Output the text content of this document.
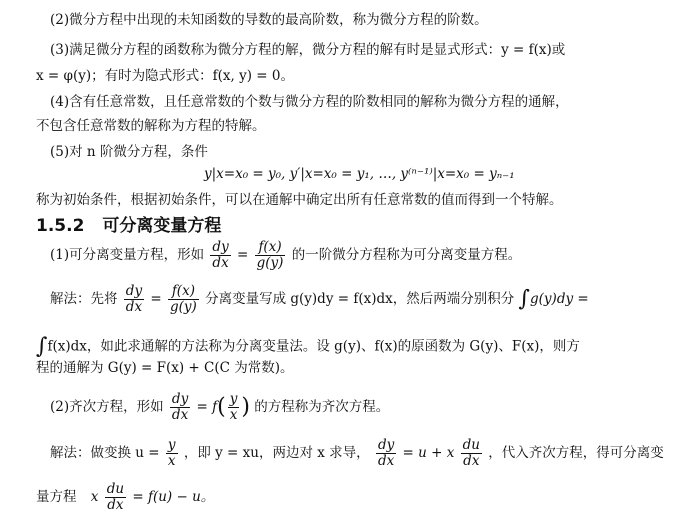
(2)微分方程中出现的未知函数的导数的最高阶数，称为微分方程的阶数。
(3)满足微分方程的函数称为微分方程的解，微分方程的解有时是显式形式：y = f(x)或
x = φ(y)；有时为隐式形式：f(x, y) = 0。
(4)含有任意常数，且任意常数的个数与微分方程的阶数相同的解称为微分方程的通解，
不包含任意常数的解称为方程的特解。
(5)对 n 阶微分方程，条件
y|x=x₀ = y₀, y′|x=x₀ = y₁, …, y⁽ⁿ⁻¹⁾|x=x₀ = yₙ₋₁
称为初始条件，根据初始条件，可以在通解中确定出所有任意常数的值而得到一个特解。
1.5.2 可分离变量方程
(1)可分离变量方程，形如 $\frac{dy}{dx} = \frac{f(x)}{g(y)}$ 的一阶微分方程称为可分离变量方程。
解法：先将 $\frac{dy}{dx} = \frac{f(x)}{g(y)}$ 分离变量写成 g(y)dy = f(x)dx，然后两端分别积分 ∫g(y)dy =
∫f(x)dx，如此求通解的方法称为分离变量法。设 g(y)、f(x)的原函数为 G(y)、F(x)，则方
程的通解为 G(y) = F(x) + C(C 为常数)。
(2)齐次方程，形如 $\frac{dy}{dx} = f( \frac{y}{x}$ ) 的方程称为齐次方程。
解法：做变换 $u = \frac{y}{x}$ ，即 y = xu，两边对 x 求导， $\frac{dy}{dx} = u + x \frac{du}{dx}$ ，代入齐次方程，得可分离变
量方程 x $\frac{du}{dx} = f(u) - u$。
